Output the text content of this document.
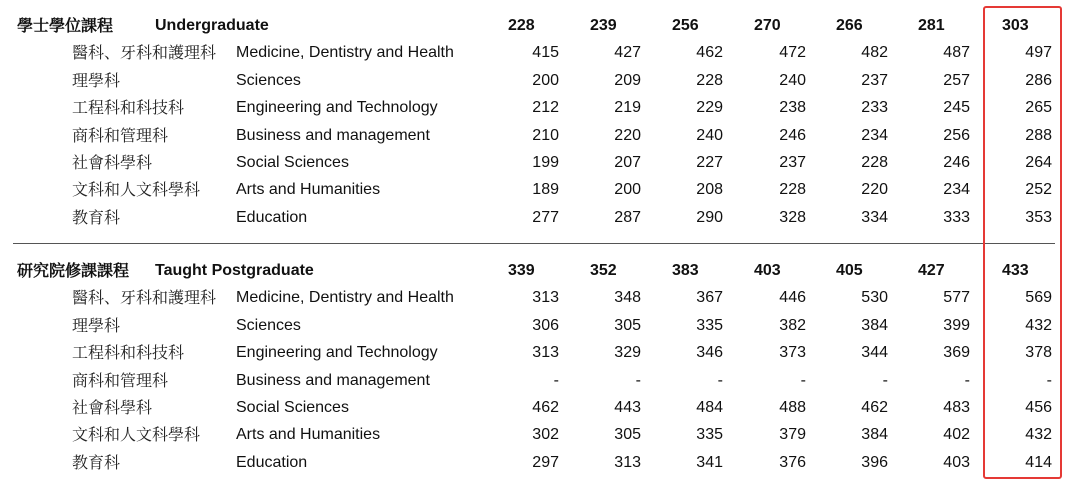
學士學位課程	Undergraduate	228	239	256	270	266	281	303
醫科、牙科和護理科 Medicine, Dentistry and Health	415	427	462	472	482	487	497
理學科	Sciences	200	209	228	240	237	257	286
工程科和科技科	Engineering and Technology	212	219	229	238	233	245	265
商科和管理科	Business and management	210	220	240	246	234	256	288
社會科學科	Social Sciences	199	207	227	237	228	246	264
文科和人文科學科 Arts and Humanities	189	200	208	228	220	234	252
教育科	Education	277	287	290	328	334	333	353
研究院修課課程 Taught Postgraduate	339	352	383	403	405	427	433
醫科、牙科和護理科 Medicine, Dentistry and Health	313	348	367	446	530	577	569
理學科	Sciences	306	305	335	382	384	399	432
工程科和科技科	Engineering and Technology	313	329	346	373	344	369	378
商科和管理科	Business and management	-	-	-	-	-	-	-
社會科學科	Social Sciences	462	443	484	488	462	483	456
文科和人文科學科 Arts and Humanities	302	305	335	379	384	402	432
教育科	Education	297	313	341	376	396	403	414
